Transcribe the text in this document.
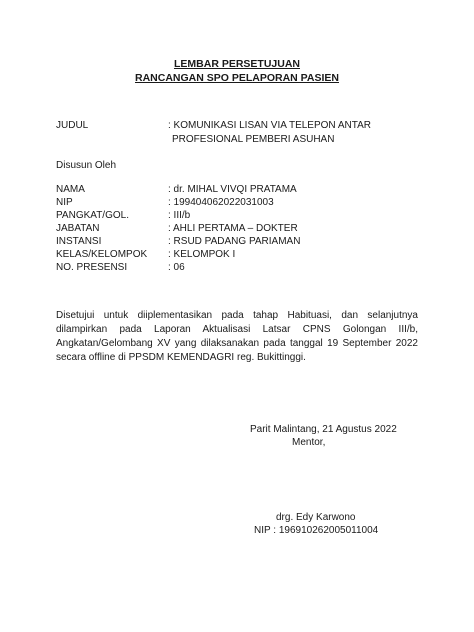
LEMBAR PERSETUJUAN
RANCANGAN SPO PELAPORAN PASIEN
JUDUL	: KOMUNIKASI LISAN VIA TELEPON ANTAR
PROFESIONAL PEMBERI ASUHAN
Disusun Oleh
NAMA	: dr. MIHAL VIVQI PRATAMA
NIP	: 199404062022031003
PANGKAT/GOL.	: III/b
JABATAN	: AHLI PERTAMA – DOKTER
INSTANSI	: RSUD PADANG PARIAMAN
KELAS/KELOMPOK : KELOMPOK I
NO. PRESENSI	: 06
Disetujui untuk diiplementasikan pada tahap Habituasi, dan selanjutnya dilampirkan pada Laporan Aktualisasi Latsar CPNS Golongan III/b, Angkatan/Gelombang XV yang dilaksanakan pada tanggal 19 September 2022 secara offline di PPSDM KEMENDAGRI reg. Bukittinggi.
Parit Malintang, 21 Agustus 2022
Mentor,
drg. Edy Karwono
NIP : 196910262005011004
